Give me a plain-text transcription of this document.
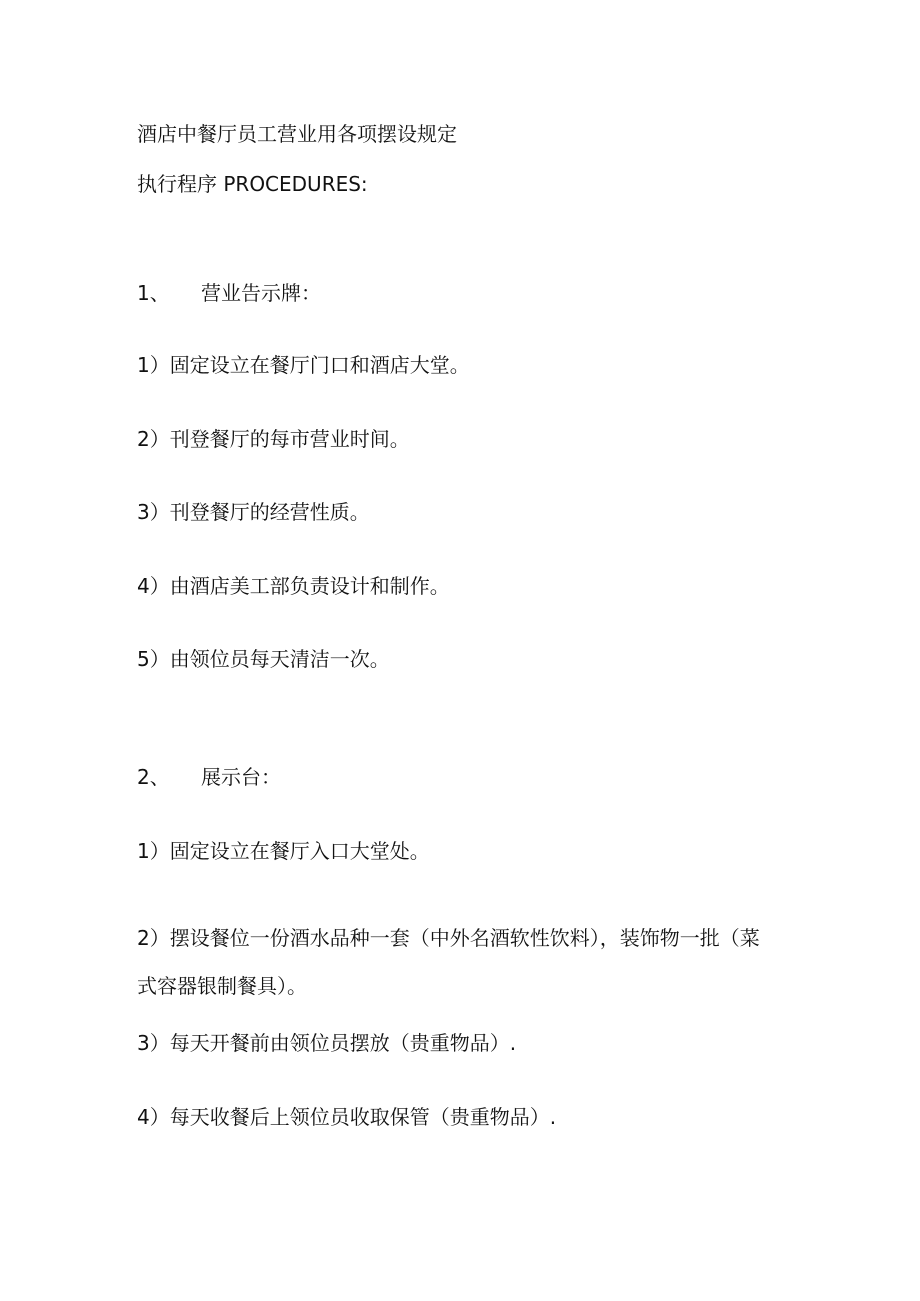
酒店中餐厅员工营业用各项摆设规定
执行程序 PROCEDURES:
1、 营业告示牌：
1）固定设立在餐厅门口和酒店大堂。
2）刊登餐厅的每市营业时间。
3）刊登餐厅的经营性质。
4）由酒店美工部负责设计和制作。
5）由领位员每天清洁一次。
2、 展示台：
1）固定设立在餐厅入口大堂处。
2）摆设餐位一份酒水品种一套（中外名酒软性饮料），装饰物一批（菜
式容器银制餐具）。
3）每天开餐前由领位员摆放（贵重物品）.
4）每天收餐后上领位员收取保管（贵重物品）.
